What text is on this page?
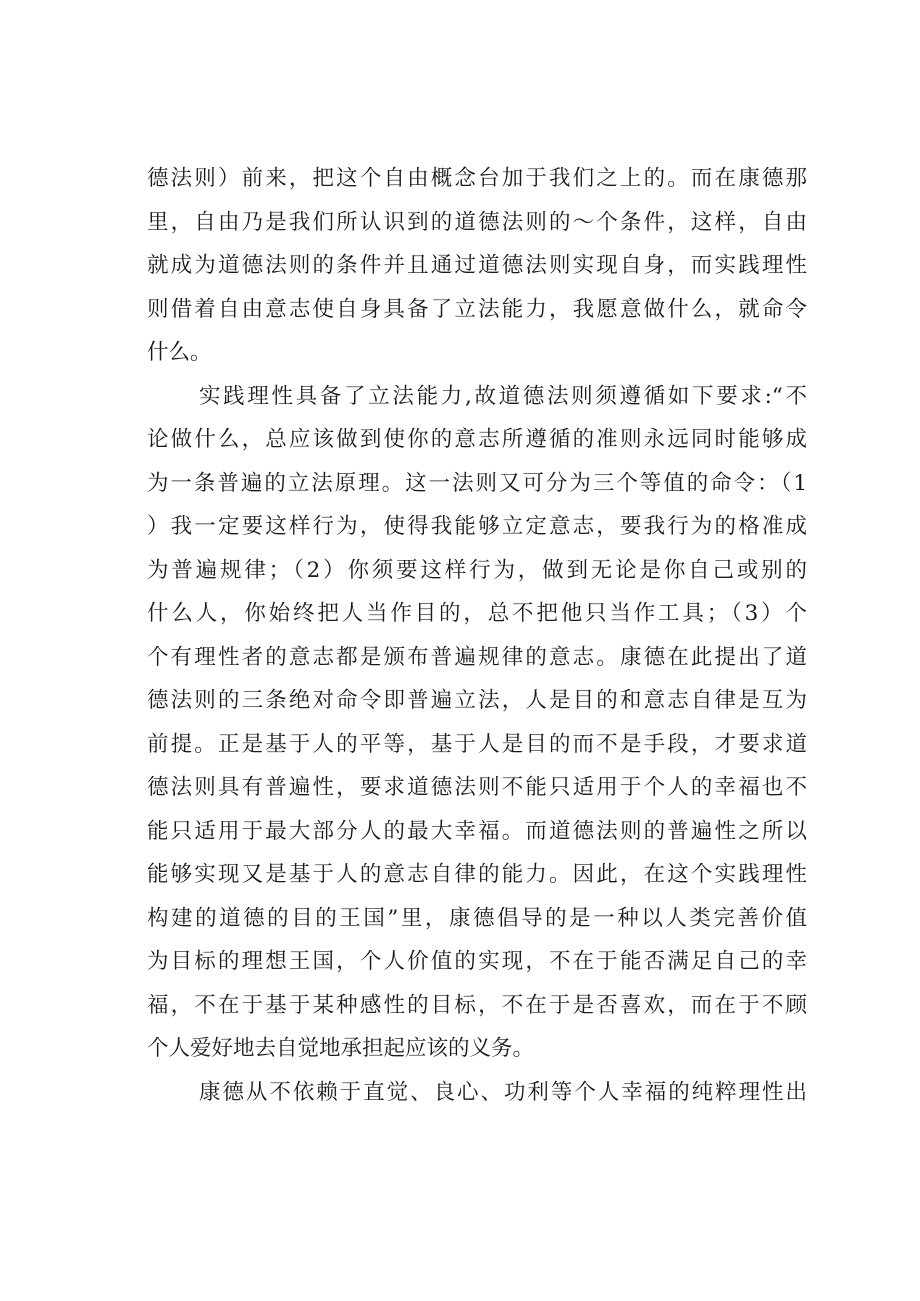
德法则）前来，把这个自由概念台加于我们之上的。而在康德那
里，自由乃是我们所认识到的道德法则的〜个条件，这样，自由
就成为道德法则的条件并且通过道德法则实现自身，而实践理性
则借着自由意志使自身具备了立法能力，我愿意做什么，就命令
什么。
实践理性具备了立法能力,故道德法则须遵循如下要求:“不
论做什么，总应该做到使你的意志所遵循的准则永远同时能够成
为一条普遍的立法原理。这一法则又可分为三个等值的命令：（1
）我一定要这样行为，使得我能够立定意志，要我行为的格准成
为普遍规律；（2）你须要这样行为，做到无论是你自己或别的
什么人，你始终把人当作目的，总不把他只当作工具；（3）个
个有理性者的意志都是颁布普遍规律的意志。康德在此提出了道
德法则的三条绝对命令即普遍立法，人是目的和意志自律是互为
前提。正是基于人的平等，基于人是目的而不是手段，才要求道
德法则具有普遍性，要求道德法则不能只适用于个人的幸福也不
能只适用于最大部分人的最大幸福。而道德法则的普遍性之所以
能够实现又是基于人的意志自律的能力。因此，在这个实践理性
构建的道德的目的王国”里，康德倡导的是一种以人类完善价值
为目标的理想王国，个人价值的实现，不在于能否满足自己的幸
福，不在于基于某种感性的目标，不在于是否喜欢，而在于不顾
个人爱好地去自觉地承担起应该的义务。
康德从不依赖于直觉、良心、功利等个人幸福的纯粹理性出
